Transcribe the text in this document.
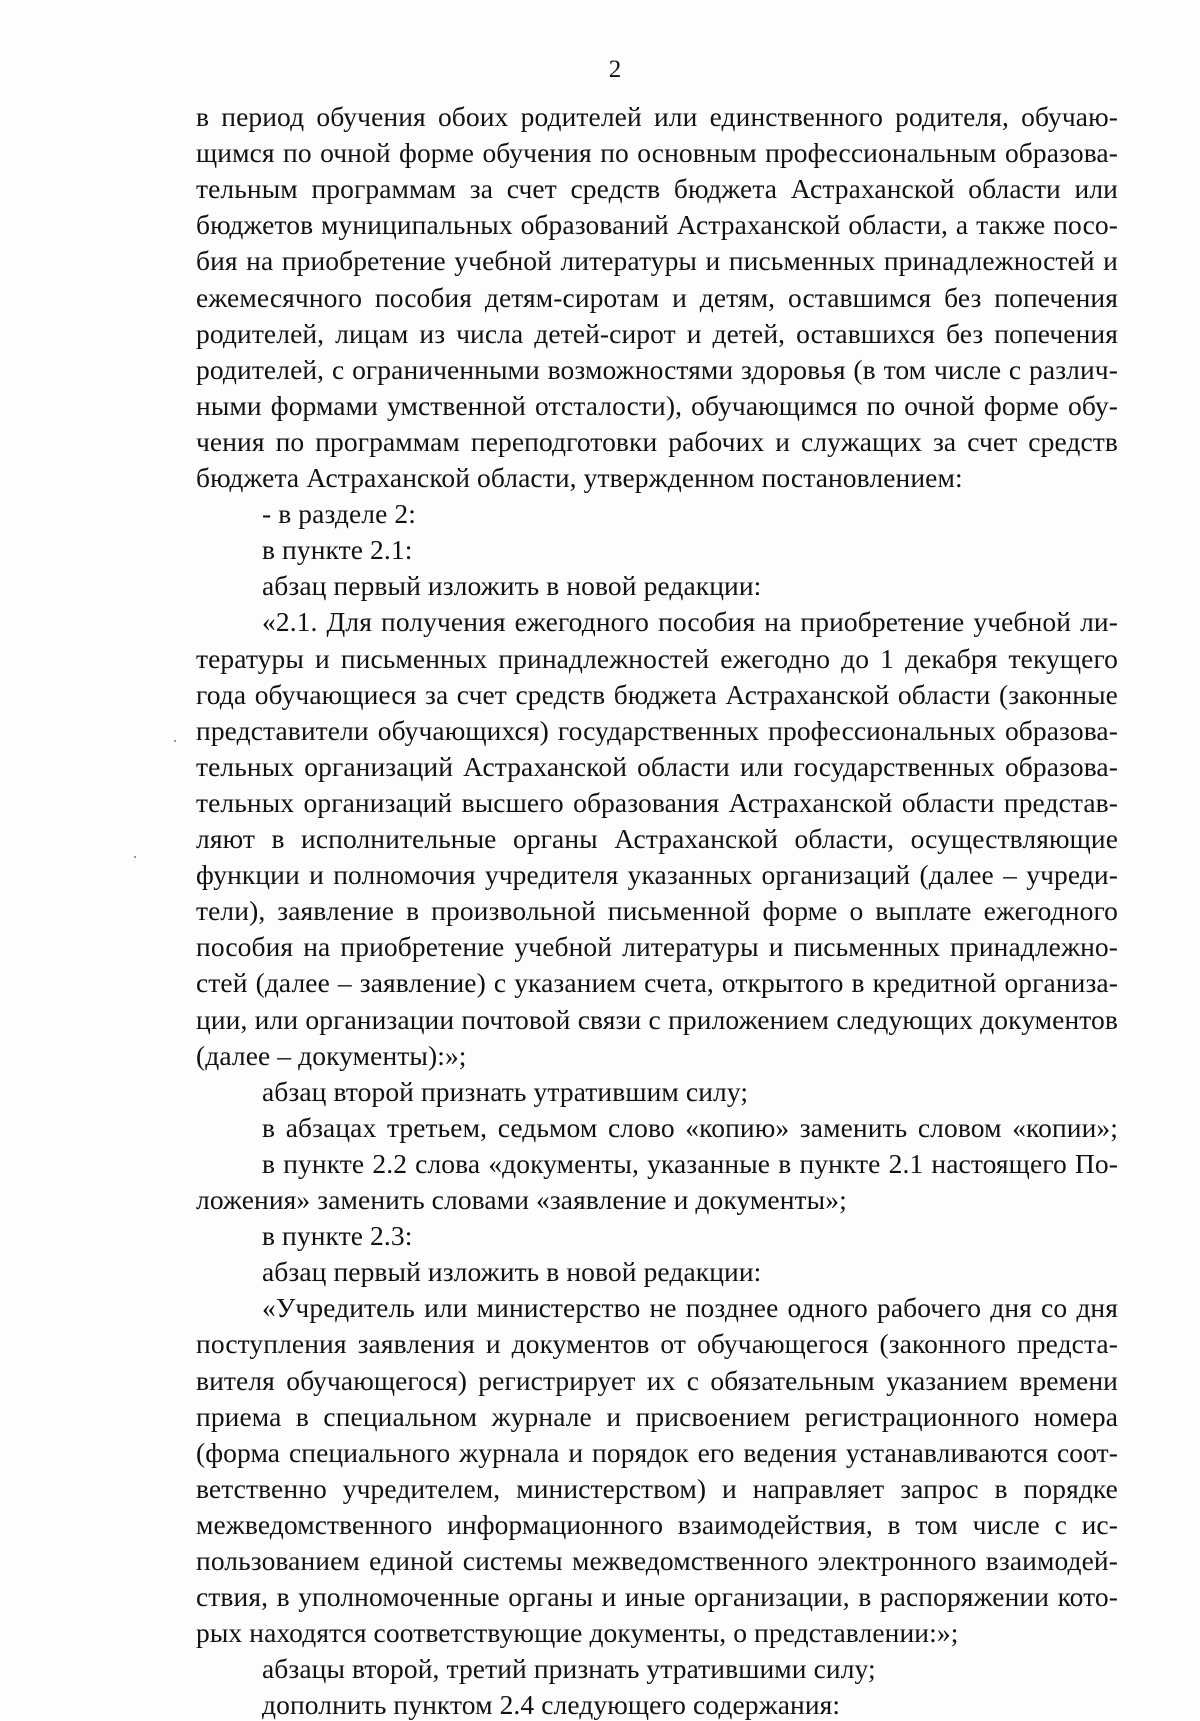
2
в период обучения обоих родителей или единственного родителя, обучаю-
щимся по очной форме обучения по основным профессиональным образова-
тельным программам за счет средств бюджета Астраханской области или
бюджетов муниципальных образований Астраханской области, а также посо-
бия на приобретение учебной литературы и письменных принадлежностей и
ежемесячного пособия детям-сиротам и детям, оставшимся без попечения
родителей, лицам из числа детей-сирот и детей, оставшихся без попечения
родителей, с ограниченными возможностями здоровья (в том числе с различ-
ными формами умственной отсталости), обучающимся по очной форме обу-
чения по программам переподготовки рабочих и служащих за счет средств
бюджета Астраханской области, утвержденном постановлением:
- в разделе 2:
в пункте 2.1:
абзац первый изложить в новой редакции:
«2.1. Для получения ежегодного пособия на приобретение учебной ли-
тературы и письменных принадлежностей ежегодно до 1 декабря текущего
года обучающиеся за счет средств бюджета Астраханской области (законные
представители обучающихся) государственных профессиональных образова-
тельных организаций Астраханской области или государственных образова-
тельных организаций высшего образования Астраханской области представ-
ляют в исполнительные органы Астраханской области, осуществляющие
функции и полномочия учредителя указанных организаций (далее – учреди-
тели), заявление в произвольной письменной форме о выплате ежегодного
пособия на приобретение учебной литературы и письменных принадлежно-
стей (далее – заявление) с указанием счета, открытого в кредитной организа-
ции, или организации почтовой связи с приложением следующих документов
(далее – документы):»;
абзац второй признать утратившим силу;
в абзацах третьем, седьмом слово «копию» заменить словом «копии»;
в пункте 2.2 слова «документы, указанные в пункте 2.1 настоящего По-
ложения» заменить словами «заявление и документы»;
в пункте 2.3:
абзац первый изложить в новой редакции:
«Учредитель или министерство не позднее одного рабочего дня со дня
поступления заявления и документов от обучающегося (законного предста-
вителя обучающегося) регистрирует их с обязательным указанием времени
приема в специальном журнале и присвоением регистрационного номера
(форма специального журнала и порядок его ведения устанавливаются соот-
ветственно учредителем, министерством) и направляет запрос в порядке
межведомственного информационного взаимодействия, в том числе с ис-
пользованием единой системы межведомственного электронного взаимодей-
ствия, в уполномоченные органы и иные организации, в распоряжении кото-
рых находятся соответствующие документы, о представлении:»;
абзацы второй, третий признать утратившими силу;
дополнить пунктом 2.4 следующего содержания:
